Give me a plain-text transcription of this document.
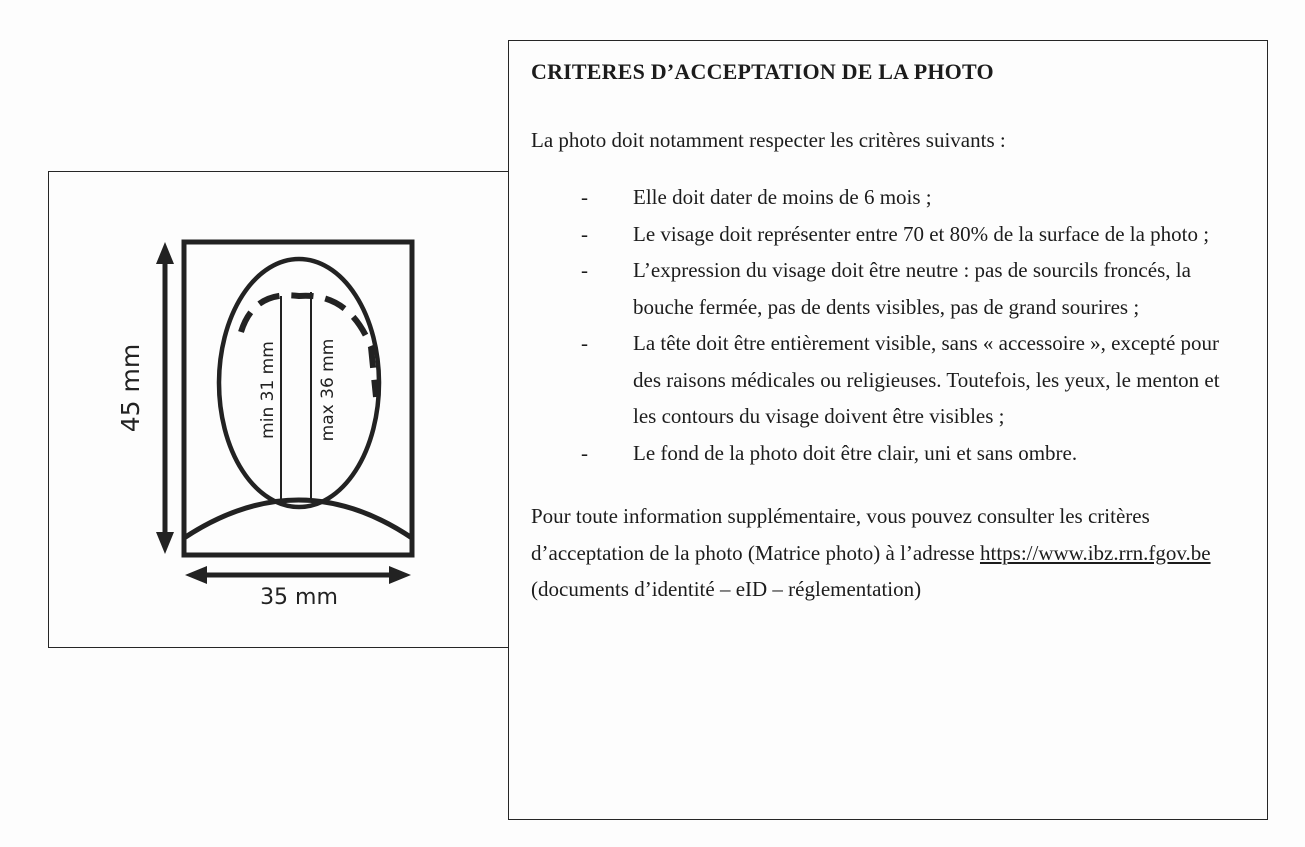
45 mm
35 mm
min 31 mm max 36 mm
CRITERES D’ACCEPTATION DE LA PHOTO

La photo doit notamment respecter les critères suivants :

- Elle doit dater de moins de 6 mois ;
- Le visage doit représenter entre 70 et 80% de la surface de la photo ;
- L’expression du visage doit être neutre : pas de sourcils froncés, la bouche fermée, pas de dents visibles, pas de grand sourires ;
- La tête doit être entièrement visible, sans « accessoire », excepté pour des raisons médicales ou religieuses. Toutefois, les yeux, le menton et les contours du visage doivent être visibles ;
- Le fond de la photo doit être clair, uni et sans ombre.

Pour toute information supplémentaire, vous pouvez consulter les critères d’acceptation de la photo (Matrice photo) à l’adresse https://www.ibz.rrn.fgov.be (documents d’identité – eID – réglementation)
